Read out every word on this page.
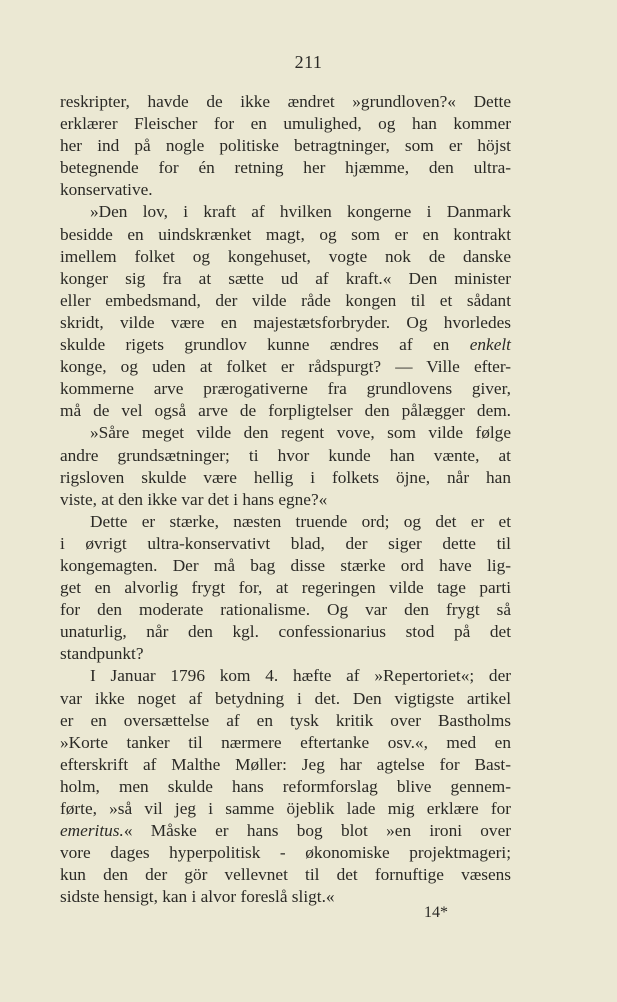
211
reskripter, havde de ikke ændret »grundloven?« Dette
erklærer Fleischer for en umulighed, og han kommer
her ind på nogle politiske betragtninger, som er höjst
betegnende for én retning her hjæmme, den ultra-
konservative.
»Den lov, i kraft af hvilken kongerne i Danmark
besidde en uindskrænket magt, og som er en kontrakt
imellem folket og kongehuset, vogte nok de danske
konger sig fra at sætte ud af kraft.« Den minister
eller embedsmand, der vilde råde kongen til et sådant
skridt, vilde være en majestætsforbryder. Og hvorledes
skulde rigets grundlov kunne ændres af en enkelt
konge, og uden at folket er rådspurgt? — Ville efter-
kommerne arve prærogativerne fra grundlovens giver,
må de vel også arve de forpligtelser den pålægger dem.
»Såre meget vilde den regent vove, som vilde følge
andre grundsætninger; ti hvor kunde han vænte, at
rigsloven skulde være hellig i folkets öjne, når han
viste, at den ikke var det i hans egne?«
Dette er stærke, næsten truende ord; og det er et
i øvrigt ultra-konservativt blad, der siger dette til
kongemagten. Der må bag disse stærke ord have lig-
get en alvorlig frygt for, at regeringen vilde tage parti
for den moderate rationalisme. Og var den frygt så
unaturlig, når den kgl. confessionarius stod på det
standpunkt?
I Januar 1796 kom 4. hæfte af »Repertoriet«; der
var ikke noget af betydning i det. Den vigtigste artikel
er en oversættelse af en tysk kritik over Bastholms
»Korte tanker til nærmere eftertanke osv.«, med en
efterskrift af Malthe Møller: Jeg har agtelse for Bast-
holm, men skulde hans reformforslag blive gennem-
førte, »så vil jeg i samme öjeblik lade mig erklære for
emeritus.« Måske er hans bog blot »en ironi over
vore dages hyperpolitisk - økonomiske projektmageri;
kun den der gör vellevnet til det fornuftige væsens
sidste hensigt, kan i alvor foreslå sligt.«
14*
